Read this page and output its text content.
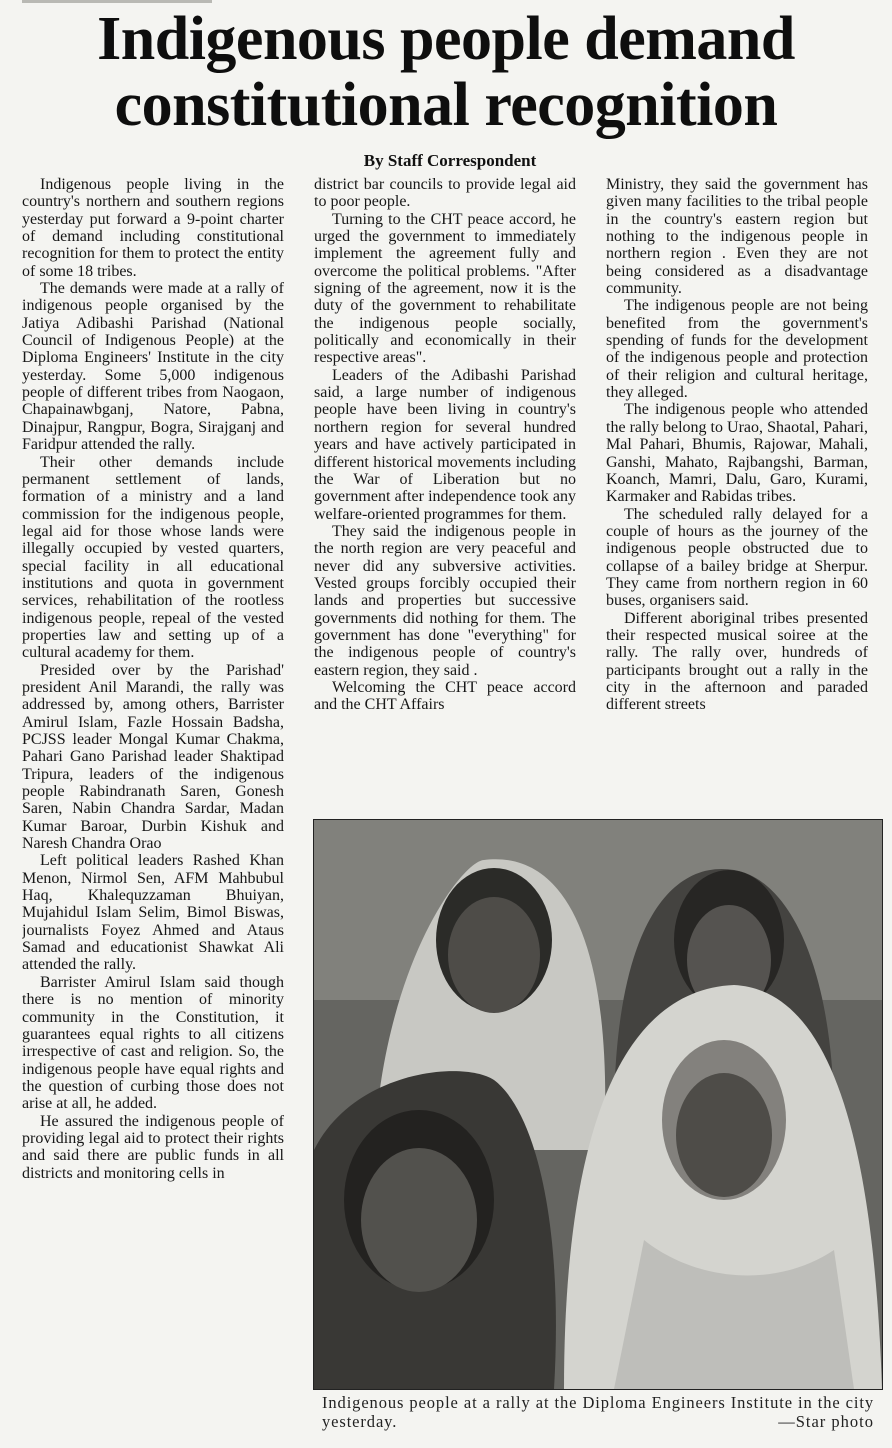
Indigenous people demand
constitutional recognition
By Staff Correspondent

Indigenous people living in the country's northern and southern regions yesterday put forward a 9-point charter of demand including constitutional recognition for them to protect the entity of some 18 tribes.

The demands were made at a rally of indigenous people organised by the Jatiya Adibashi Parishad (National Council of Indigenous People) at the Diploma Engineers' Institute in the city yesterday. Some 5,000 indigenous people of different tribes from Naogaon, Chapainawbganj, Natore, Pabna, Dinajpur, Rangpur, Bogra, Sirajganj and Faridpur attended the rally.

Their other demands include permanent settlement of lands, formation of a ministry and a land commission for the indigenous people, legal aid for those whose lands were illegally occupied by vested quarters, special facility in all educational institutions and quota in government services, rehabilitation of the rootless indigenous people, repeal of the vested properties law and setting up of a cultural academy for them.

Presided over by the Parishad' president Anil Marandi, the rally was addressed by, among others, Barrister Amirul Islam, Fazle Hossain Badsha, PCJSS leader Mongal Kumar Chakma, Pahari Gano Parishad leader Shaktipad Tripura, leaders of the indigenous people Rabindranath Saren, Gonesh Saren, Nabin Chandra Sardar, Madan Kumar Baroar, Durbin Kishuk and Naresh Chandra Orao

Left political leaders Rashed Khan Menon, Nirmol Sen, AFM Mahbubul Haq, Khalequzzaman Bhuiyan, Mujahidul Islam Selim, Bimol Biswas, journalists Foyez Ahmed and Ataus Samad and educationist Shawkat Ali attended the rally.

Barrister Amirul Islam said though there is no mention of minority community in the Constitution, it guarantees equal rights to all citizens irrespective of cast and religion. So, the indigenous people have equal rights and the question of curbing those does not arise at all, he added.

He assured the indigenous people of providing legal aid to protect their rights and said there are public funds in all districts and monitoring cells in

district bar councils to provide legal aid to poor people.

Turning to the CHT peace accord, he urged the government to immediately implement the agreement fully and overcome the political problems. "After signing of the agreement, now it is the duty of the government to rehabilitate the indigenous people socially, politically and economically in their respective areas".

Leaders of the Adibashi Parishad said, a large number of indigenous people have been living in country's northern region for several hundred years and have actively participated in different historical movements including the War of Liberation but no government after independence took any welfare-oriented programmes for them.

They said the indigenous people in the north region are very peaceful and never did any subversive activities. Vested groups forcibly occupied their lands and properties but successive governments did nothing for them. The government has done "everything" for the indigenous people of country's eastern region, they said .

Welcoming the CHT peace accord and the CHT Affairs

Ministry, they said the government has given many facilities to the tribal people in the country's eastern region but nothing to the indigenous people in northern region . Even they are not being considered as a disadvantage community.

The indigenous people are not being benefited from the government's spending of funds for the development of the indigenous people and protection of their religion and cultural heritage, they alleged.

The indigenous people who attended the rally belong to Urao, Shaotal, Pahari, Mal Pahari, Bhumis, Rajowar, Mahali, Ganshi, Mahato, Rajbangshi, Barman, Koanch, Mamri, Dalu, Garo, Kurami, Karmaker and Rabidas tribes.

The scheduled rally delayed for a couple of hours as the journey of the indigenous people obstructed due to collapse of a bailey bridge at Sherpur. They came from northern region in 60 buses, organisers said.

Different aboriginal tribes presented their respected musical soiree at the rally. The rally over, hundreds of participants brought out a rally in the city in the afternoon and paraded different streets

Indigenous people at a rally at the Diploma Engineers Institute in the city yesterday.	—Star photo
